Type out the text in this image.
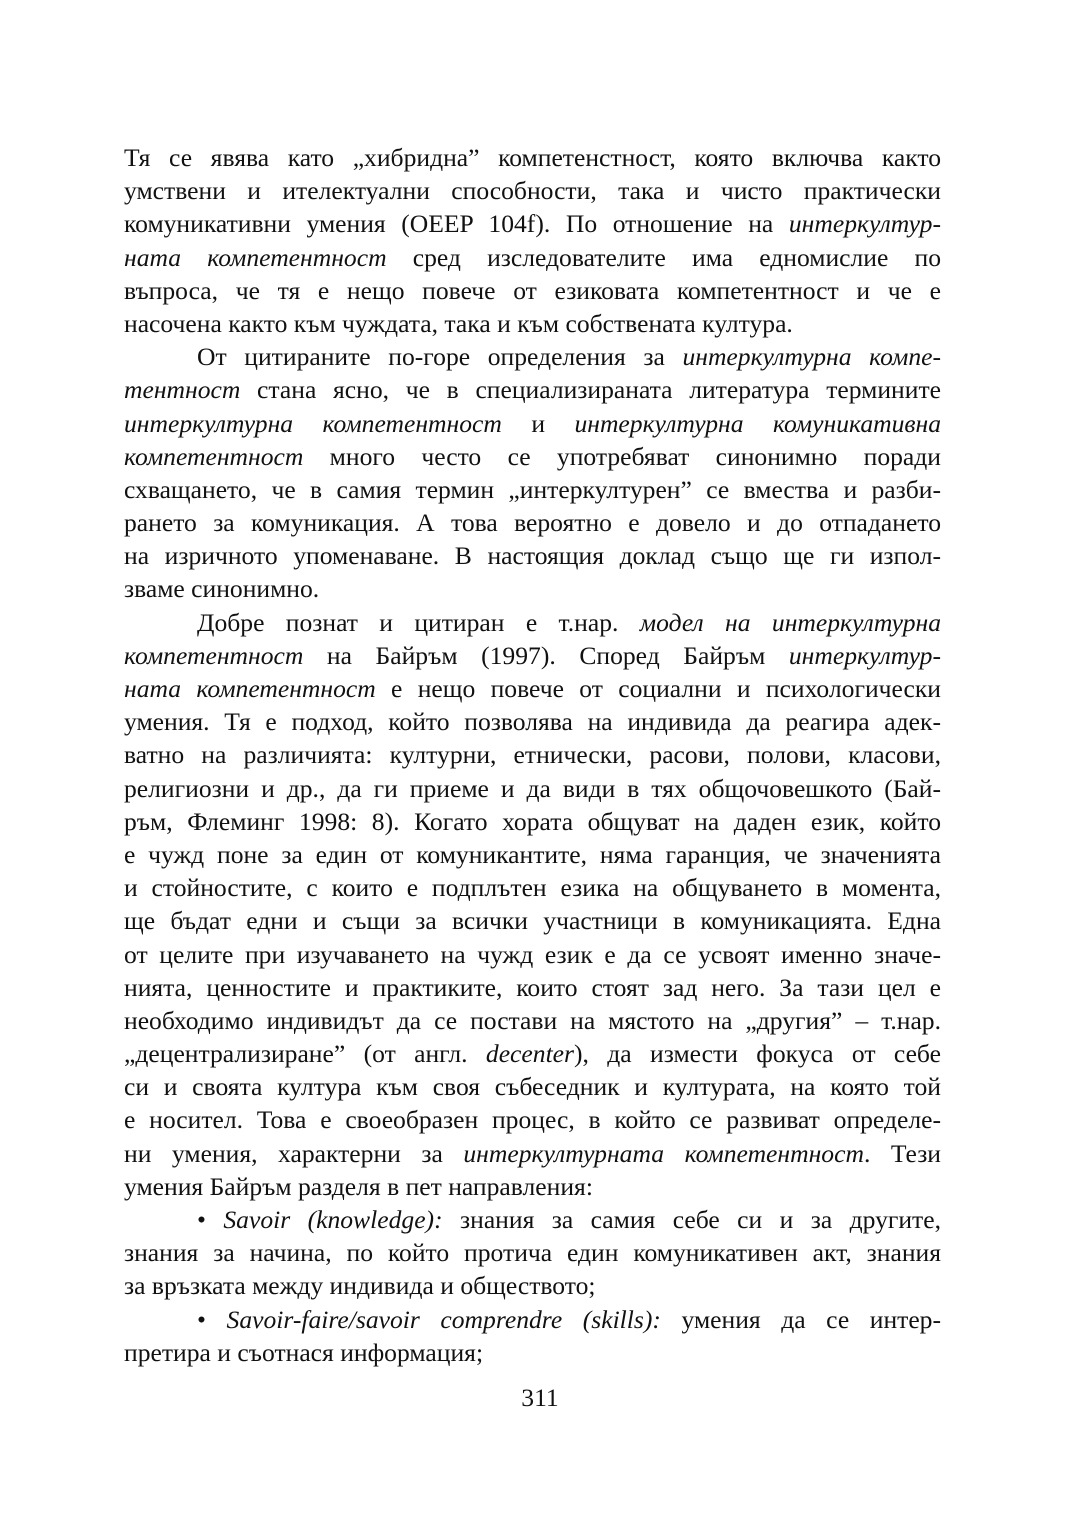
Тя се явява като „хибридна” компетенстност, която включва както
умствени и ителектуални способности, така и чисто практически
комуникативни умения (OEEP 104f). По отношение на интеркултур-
ната компетентност сред изследователите има едномислие по
въпроса, че тя е нещо повече от езиковата компетентност и че е
насочена както към чуждата, така и към собствената култура.
От цитираните по-горе определения за интеркултурна компе-
тентност стана ясно, че в специализираната литература термините
интеркултурна компетентност и интеркултурна комуникативна
компетентност много често се употребяват синонимно поради
схващането, че в самия термин „интеркултурен” се вмества и разби-
рането за комуникация. А това вероятно е довело и до отпадането
на изричното упоменаване. В настоящия доклад също ще ги изпол-
зваме синонимно.
Добре познат и цитиран е т.нар. модел на интеркултурна
компетентност на Байръм (1997). Според Байръм интеркултур-
ната компетентност е нещо повече от социални и психологически
умения. Тя е подход, който позволява на индивида да реагира адек-
ватно на различията: културни, етнически, расови, полови, класови,
религиозни и др., да ги приеме и да види в тях общочовешкото (Бай-
ръм, Флеминг 1998: 8). Когато хората общуват на даден език, който
е чужд поне за един от комуникантите, няма гаранция, че значенията
и стойностите, с които е подплътен езика на общуването в момента,
ще бъдат едни и същи за всички участници в комуникацията. Една
от целите при изучаването на чужд език е да се усвоят именно значе-
нията, ценностите и практиките, които стоят зад него. За тази цел е
необходимо индивидът да се постави на мястото на „другия” – т.нар.
„децентрализиране” (от англ. decenter), да измести фокуса от себе
си и своята култура към своя събеседник и културата, на която той
е носител. Това е своеобразен процес, в който се развиват определе-
ни умения, характерни за интеркултурната компетентност. Тези
умения Байръм разделя в пет направления:
• Savoir (knowledge): знания за самия себе си и за другите,
знания за начина, по който протича един комуникативен акт, знания
за връзката между индивида и обществото;
• Savoir-faire/savoir comprendre (skills): умения да се интер-
претира и съотнася информация;
311
